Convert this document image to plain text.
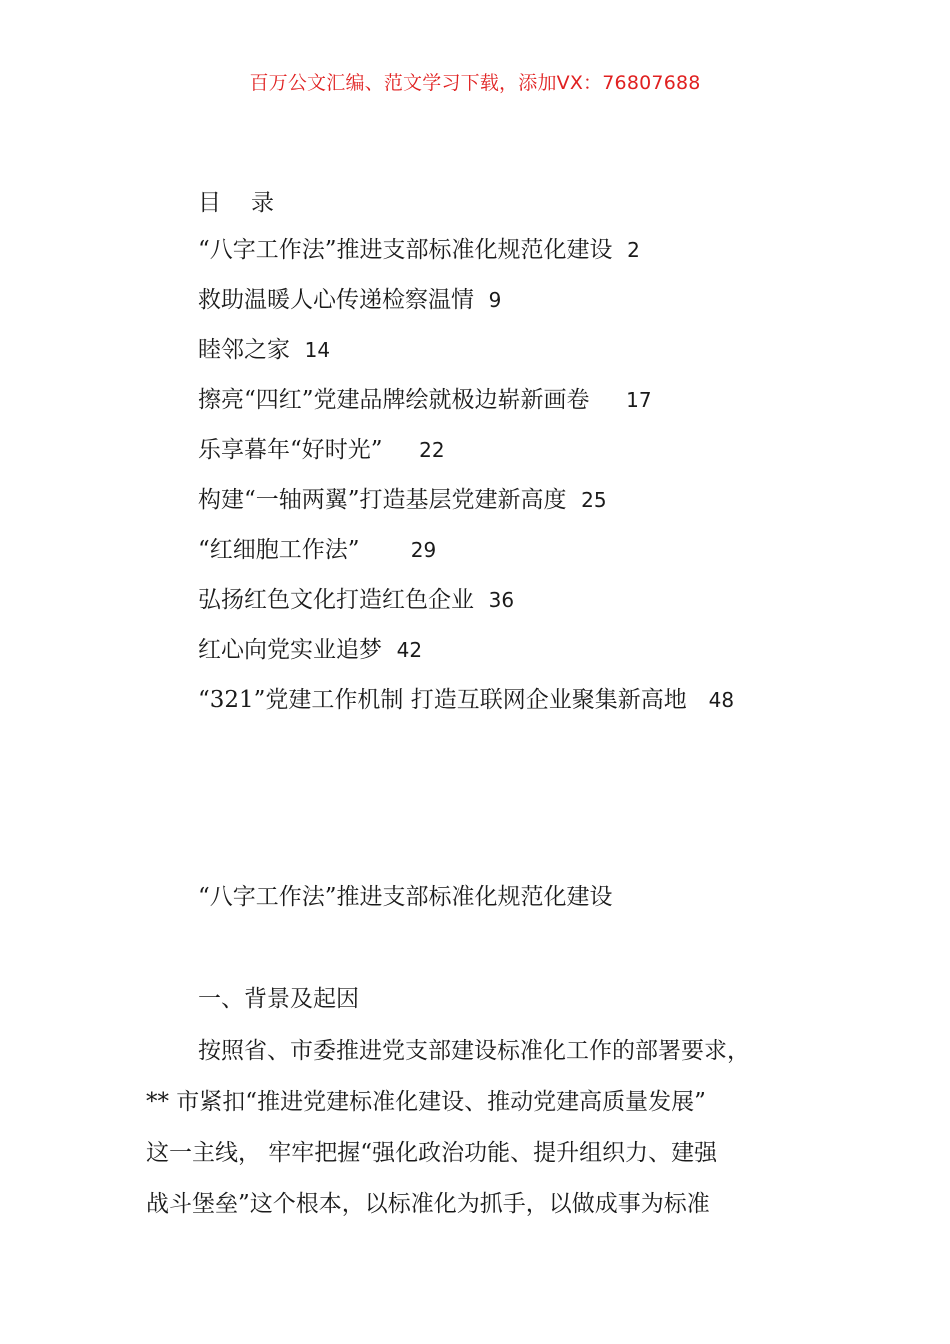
百万公文汇编、范文学习下载，添加VX：76807688
目 录
“八字工作法”推进支部标准化规范化建设 2
救助温暖人心传递检察温情 9
睦邻之家 14
擦亮“四红”党建品牌绘就极边崭新画卷 17
乐享暮年“好时光” 22
构建“一轴两翼”打造基层党建新高度 25
“红细胞工作法”	29
弘扬红色文化打造红色企业 36
红心向党实业追梦 42
“321”党建工作机制 打造互联网企业聚集新高地 48
“八字工作法”推进支部标准化规范化建设
一、背景及起因
按照省、市委推进党支部建设标准化工作的部署要求，
** 市紧扣“推进党建标准化建设、推动党建高质量发展”
这一主线， 牢牢把握“强化政治功能、提升组织力、建强
战斗堡垒”这个根本，以标准化为抓手，以做成事为标准
